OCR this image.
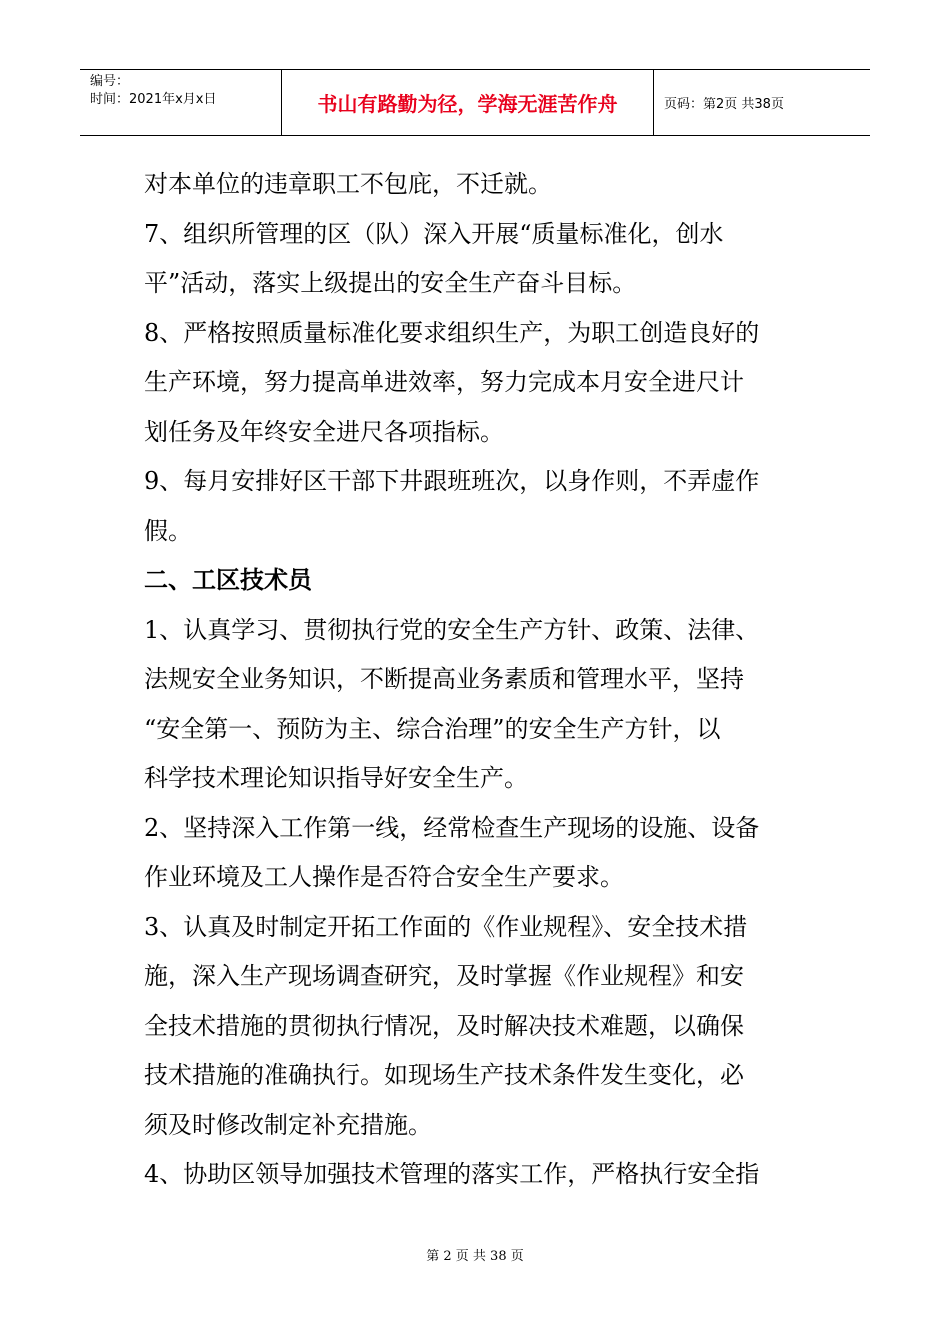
编号：
时间：2021年x月x日	书山有路勤为径，学海无涯苦作舟	页码：第2页 共38页
对本单位的违章职工不包庇，不迁就。
7、组织所管理的区（队）深入开展“质量标准化，创水
平”活动，落实上级提出的安全生产奋斗目标。
8、严格按照质量标准化要求组织生产，为职工创造良好的
生产环境，努力提高单进效率，努力完成本月安全进尺计
划任务及年终安全进尺各项指标。
9、每月安排好区干部下井跟班班次，以身作则，不弄虚作
假。
二、工区技术员
1、认真学习、贯彻执行党的安全生产方针、政策、法律、
法规安全业务知识，不断提高业务素质和管理水平，坚持
“安全第一、预防为主、综合治理”的安全生产方针，以
科学技术理论知识指导好安全生产。
2、坚持深入工作第一线，经常检查生产现场的设施、设备
作业环境及工人操作是否符合安全生产要求。
3、认真及时制定开拓工作面的《作业规程》、安全技术措
施，深入生产现场调查研究，及时掌握《作业规程》和安
全技术措施的贯彻执行情况，及时解决技术难题，以确保
技术措施的准确执行。如现场生产技术条件发生变化，必
须及时修改制定补充措施。
4、协助区领导加强技术管理的落实工作，严格执行安全指
第 2 页 共 38 页
